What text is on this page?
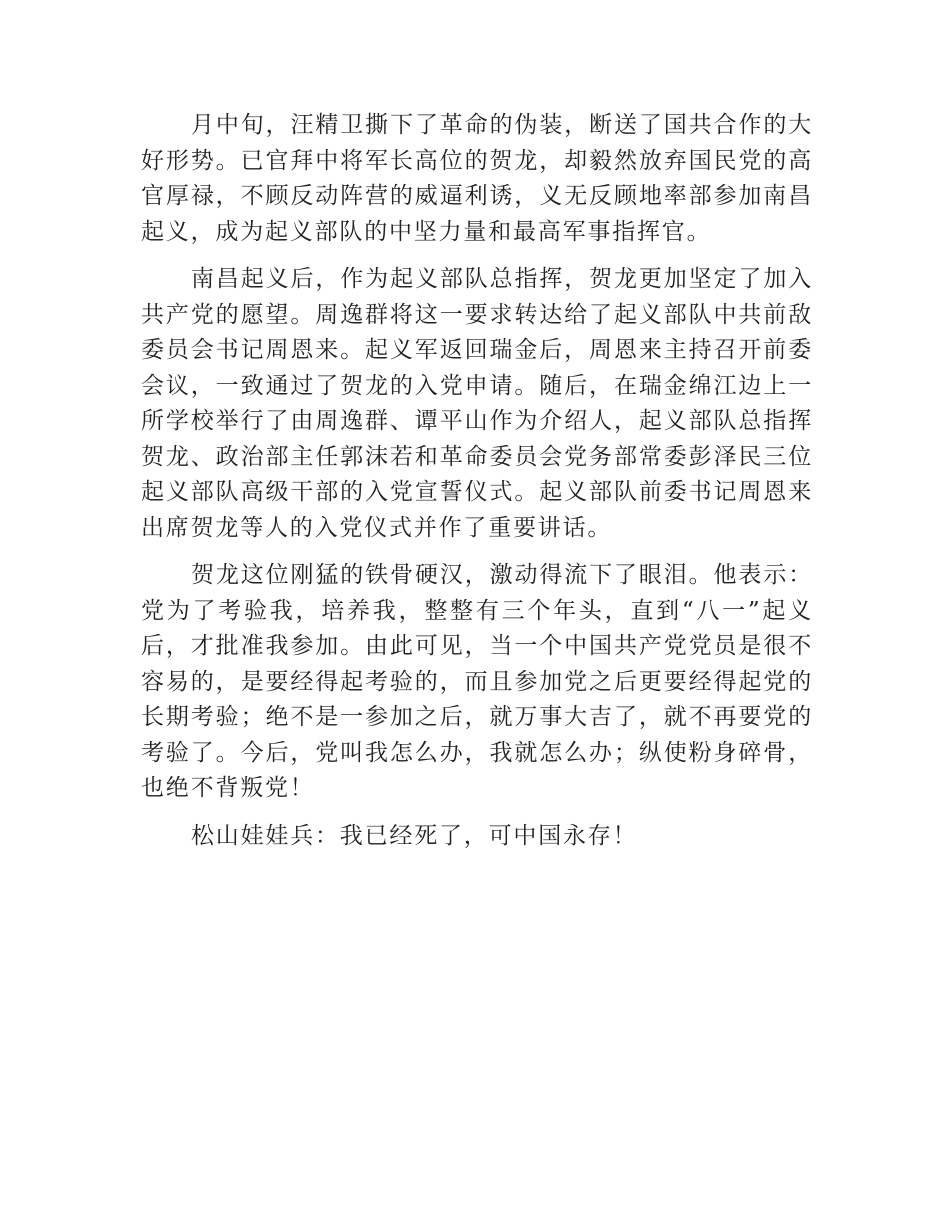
月中旬，汪精卫撕下了革命的伪装，断送了国共合作的大好形势。已官拜中将军长高位的贺龙，却毅然放弃国民党的高官厚禄，不顾反动阵营的威逼利诱，义无反顾地率部参加南昌起义，成为起义部队的中坚力量和最高军事指挥官。

南昌起义后，作为起义部队总指挥，贺龙更加坚定了加入共产党的愿望。周逸群将这一要求转达给了起义部队中共前敌委员会书记周恩来。起义军返回瑞金后，周恩来主持召开前委会议，一致通过了贺龙的入党申请。随后，在瑞金绵江边上一所学校举行了由周逸群、谭平山作为介绍人，起义部队总指挥贺龙、政治部主任郭沫若和革命委员会党务部常委彭泽民三位起义部队高级干部的入党宣誓仪式。起义部队前委书记周恩来出席贺龙等人的入党仪式并作了重要讲话。

贺龙这位刚猛的铁骨硬汉，激动得流下了眼泪。他表示：党为了考验我，培养我，整整有三个年头，直到“八一”起义后，才批准我参加。由此可见，当一个中国共产党党员是很不容易的，是要经得起考验的，而且参加党之后更要经得起党的长期考验；绝不是一参加之后，就万事大吉了，就不再要党的考验了。今后，党叫我怎么办，我就怎么办；纵使粉身碎骨，也绝不背叛党！

松山娃娃兵：我已经死了，可中国永存！
